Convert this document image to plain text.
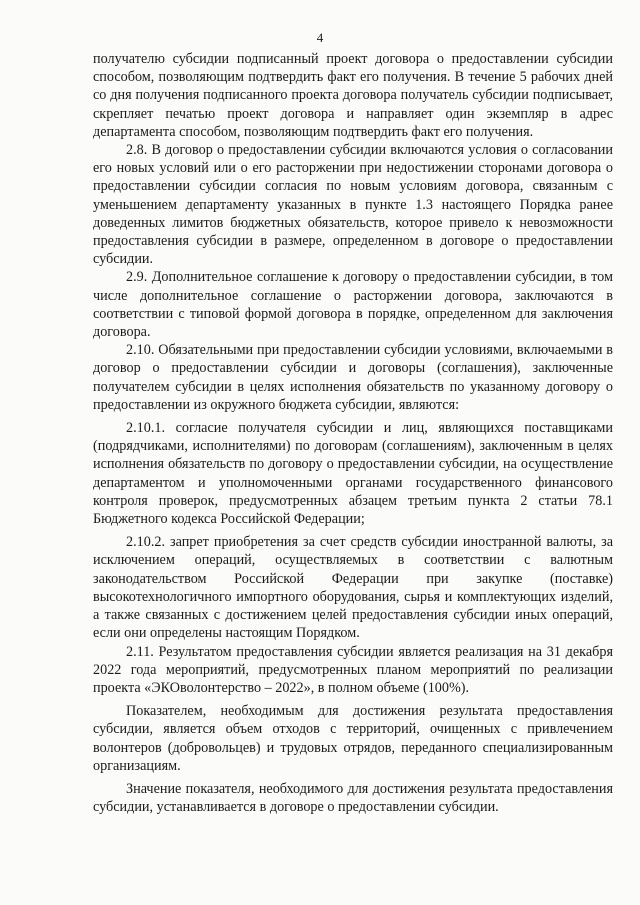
4

получателю субсидии подписанный проект договора о предоставлении субсидии способом, позволяющим подтвердить факт его получения. В течение 5 рабочих дней со дня получения подписанного проекта договора получатель субсидии подписывает, скрепляет печатью проект договора и направляет один экземпляр в адрес департамента способом, позволяющим подтвердить факт его получения.

2.8. В договор о предоставлении субсидии включаются условия о согласовании его новых условий или о его расторжении при недостижении сторонами договора о предоставлении субсидии согласия по новым условиям договора, связанным с уменьшением департаменту указанных в пункте 1.3 настоящего Порядка ранее доведенных лимитов бюджетных обязательств, которое привело к невозможности предоставления субсидии в размере, определенном в договоре о предоставлении субсидии.

2.9. Дополнительное соглашение к договору о предоставлении субсидии, в том числе дополнительное соглашение о расторжении договора, заключаются в соответствии с типовой формой договора в порядке, определенном для заключения договора.

2.10. Обязательными при предоставлении субсидии условиями, включаемыми в договор о предоставлении субсидии и договоры (соглашения), заключенные получателем субсидии в целях исполнения обязательств по указанному договору о предоставлении из окружного бюджета субсидии, являются:

2.10.1. согласие получателя субсидии и лиц, являющихся поставщиками (подрядчиками, исполнителями) по договорам (соглашениям), заключенным в целях исполнения обязательств по договору о предоставлении субсидии, на осуществление департаментом и уполномоченными органами государственного финансового контроля проверок, предусмотренных абзацем третьим пункта 2 статьи 78.1 Бюджетного кодекса Российской Федерации;

2.10.2. запрет приобретения за счет средств субсидии иностранной валюты, за исключением операций, осуществляемых в соответствии с валютным законодательством Российской Федерации при закупке (поставке) высокотехнологичного импортного оборудования, сырья и комплектующих изделий, а также связанных с достижением целей предоставления субсидии иных операций, если они определены настоящим Порядком.

2.11. Результатом предоставления субсидии является реализация на 31 декабря 2022 года мероприятий, предусмотренных планом мероприятий по реализации проекта «ЭКОволонтерство – 2022», в полном объеме (100%).

Показателем, необходимым для достижения результата предоставления субсидии, является объем отходов с территорий, очищенных с привлечением волонтеров (добровольцев) и трудовых отрядов, переданного специализированным организациям.

Значение показателя, необходимого для достижения результата предоставления субсидии, устанавливается в договоре о предоставлении субсидии.
